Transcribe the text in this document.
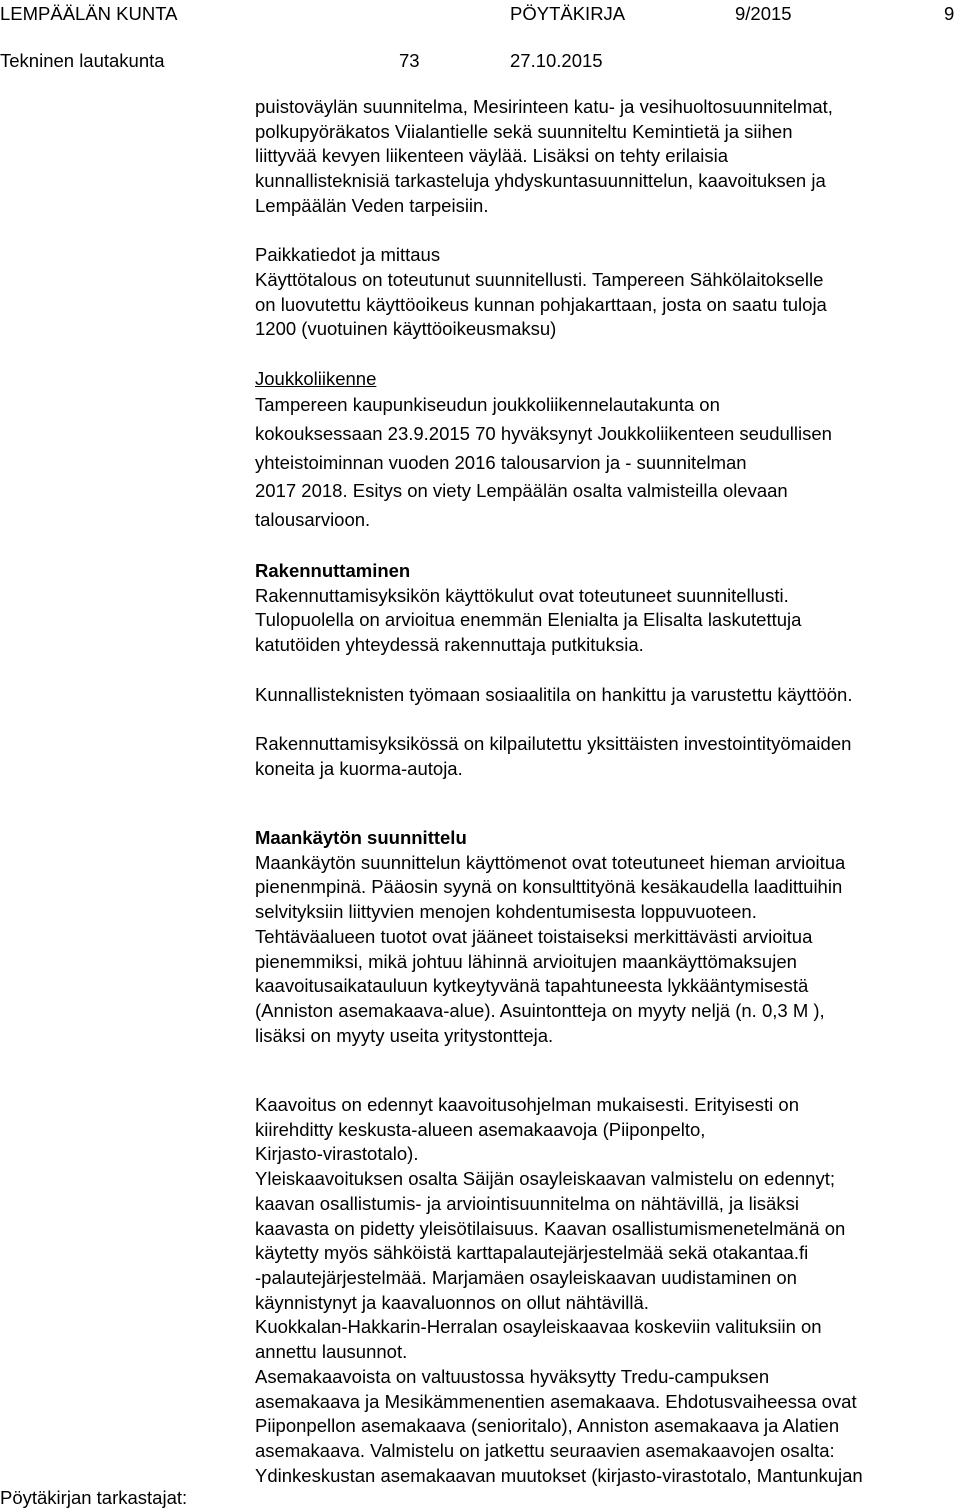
LEMPÄÄLÄN KUNTA	PÖYTÄKIRJA	9/2015	9
Tekninen lautakunta	73	27.10.2015

puistoväylän suunnitelma, Mesirinteen katu- ja vesihuoltosuunnitelmat,
polkupyöräkatos Viialantielle sekä suunniteltu Kemintietä ja siihen
liittyvää kevyen liikenteen väylää. Lisäksi on tehty erilaisia
kunnallisteknisiä tarkasteluja yhdyskuntasuunnittelun, kaavoituksen ja
Lempäälän Veden tarpeisiin.

Paikkatiedot ja mittaus

Käyttötalous on toteutunut suunnitellusti. Tampereen Sähkölaitokselle
on luovutettu käyttöoikeus kunnan pohjakarttaan, josta on saatu tuloja
1200 (vuotuinen käyttöoikeusmaksu)

Joukkoliikenne

Tampereen kaupunkiseudun joukkoliikennelautakunta on
kokouksessaan 23.9.2015 70 hyväksynyt Joukkoliikenteen seudullisen
yhteistoiminnan vuoden 2016 talousarvion ja - suunnitelman
2017 2018. Esitys on viety Lempäälän osalta valmisteilla olevaan
talousarvioon.

Rakennuttaminen

Rakennuttamisyksikön käyttökulut ovat toteutuneet suunnitellusti.
Tulopuolella on arvioitua enemmän Elenialta ja Elisalta laskutettuja
katutöiden yhteydessä rakennuttaja putkituksia.

Kunnallisteknisten työmaan sosiaalitila on hankittu ja varustettu käyttöön.

Rakennuttamisyksikössä on kilpailutettu yksittäisten investointityömaiden
koneita ja kuorma-autoja.

Maankäytön suunnittelu

Maankäytön suunnittelun käyttömenot ovat toteutuneet hieman arvioitua
pienenmpinä. Pääosin syynä on konsulttityönä kesäkaudella laadittuihin
selvityksiin liittyvien menojen kohdentumisesta loppuvuoteen.
Tehtäväalueen tuotot ovat jääneet toistaiseksi merkittävästi arvioitua
pienemmiksi, mikä johtuu lähinnä arvioitujen maankäyttömaksujen
kaavoitusaikatauluun kytkeytyvänä tapahtuneesta lykkääntymisestä
(Anniston asemakaava-alue). Asuintontteja on myyty neljä (n. 0,3 M ),
lisäksi on myyty useita yritystontteja.

Kaavoitus on edennyt kaavoitusohjelman mukaisesti. Erityisesti on
kiirehditty keskusta-alueen asemakaavoja (Piiponpelto,
Kirjasto-virastotalo).
Yleiskaavoituksen osalta Säijän osayleiskaavan valmistelu on edennyt;
kaavan osallistumis- ja arviointisuunnitelma on nähtävillä, ja lisäksi
kaavasta on pidetty yleisötilaisuus. Kaavan osallistumismenetelmänä on
käytetty myös sähköistä karttapalautejärjestelmää sekä otakantaa.fi
-palautejärjestelmää. Marjamäen osayleiskaavan uudistaminen on
käynnistynyt ja kaavaluonnos on ollut nähtävillä.
Kuokkalan-Hakkarin-Herralan osayleiskaavaa koskeviin valituksiin on
annettu lausunnot.
Asemakaavoista on valtuustossa hyväksytty Tredu-campuksen
asemakaava ja Mesikämmenentien asemakaava. Ehdotusvaiheessa ovat
Piiponpellon asemakaava (senioritalo), Anniston asemakaava ja Alatien
asemakaava. Valmistelu on jatkettu seuraavien asemakaavojen osalta:
Ydinkeskustan asemakaavan muutokset (kirjasto-virastotalo, Mantunkujan

Pöytäkirjan tarkastajat:
